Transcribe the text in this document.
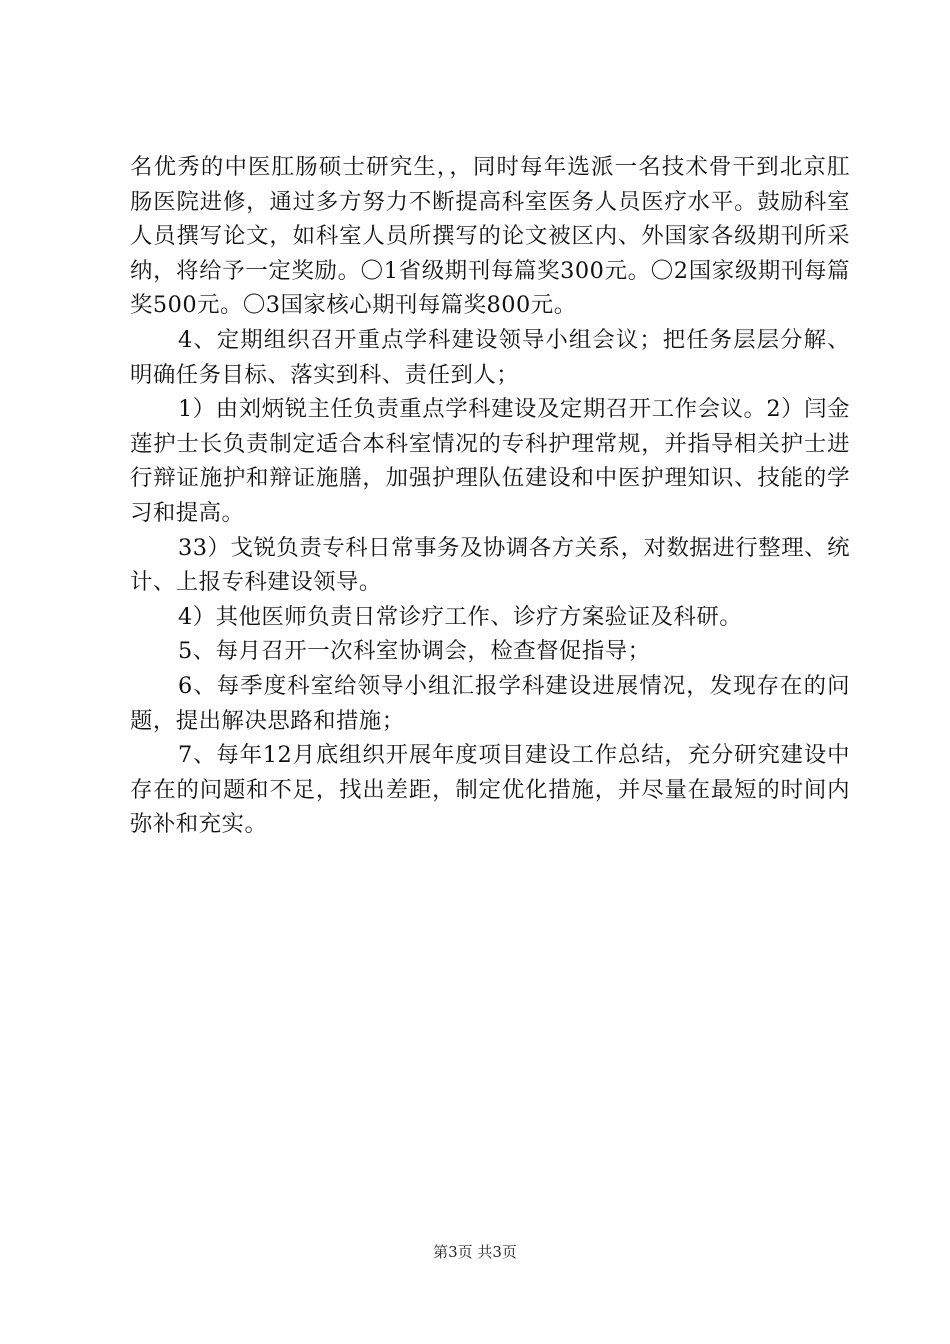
名优秀的中医肛肠硕士研究生，，同时每年选派一名技术骨干到北京肛肠医院进修，通过多方努力不断提高科室医务人员医疗水平。鼓励科室人员撰写论文，如科室人员所撰写的论文被区内、外国家各级期刊所采纳，将给予一定奖励。〇1省级期刊每篇奖300元。〇2国家级期刊每篇奖500元。〇3国家核心期刊每篇奖800元。

4、定期组织召开重点学科建设领导小组会议；把任务层层分解、明确任务目标、落实到科、责任到人；

1）由刘炳锐主任负责重点学科建设及定期召开工作会议。2）闫金莲护士长负责制定适合本科室情况的专科护理常规，并指导相关护士进行辩证施护和辩证施膳，加强护理队伍建设和中医护理知识、技能的学习和提高。

33）戈锐负责专科日常事务及协调各方关系，对数据进行整理、统计、上报专科建设领导。

4）其他医师负责日常诊疗工作、诊疗方案验证及科研。

5、每月召开一次科室协调会，检查督促指导；

6、每季度科室给领导小组汇报学科建设进展情况，发现存在的问题，提出解决思路和措施；

7、每年12月底组织开展年度项目建设工作总结，充分研究建设中存在的问题和不足，找出差距，制定优化措施，并尽量在最短的时间内弥补和充实。

第3页 共3页
